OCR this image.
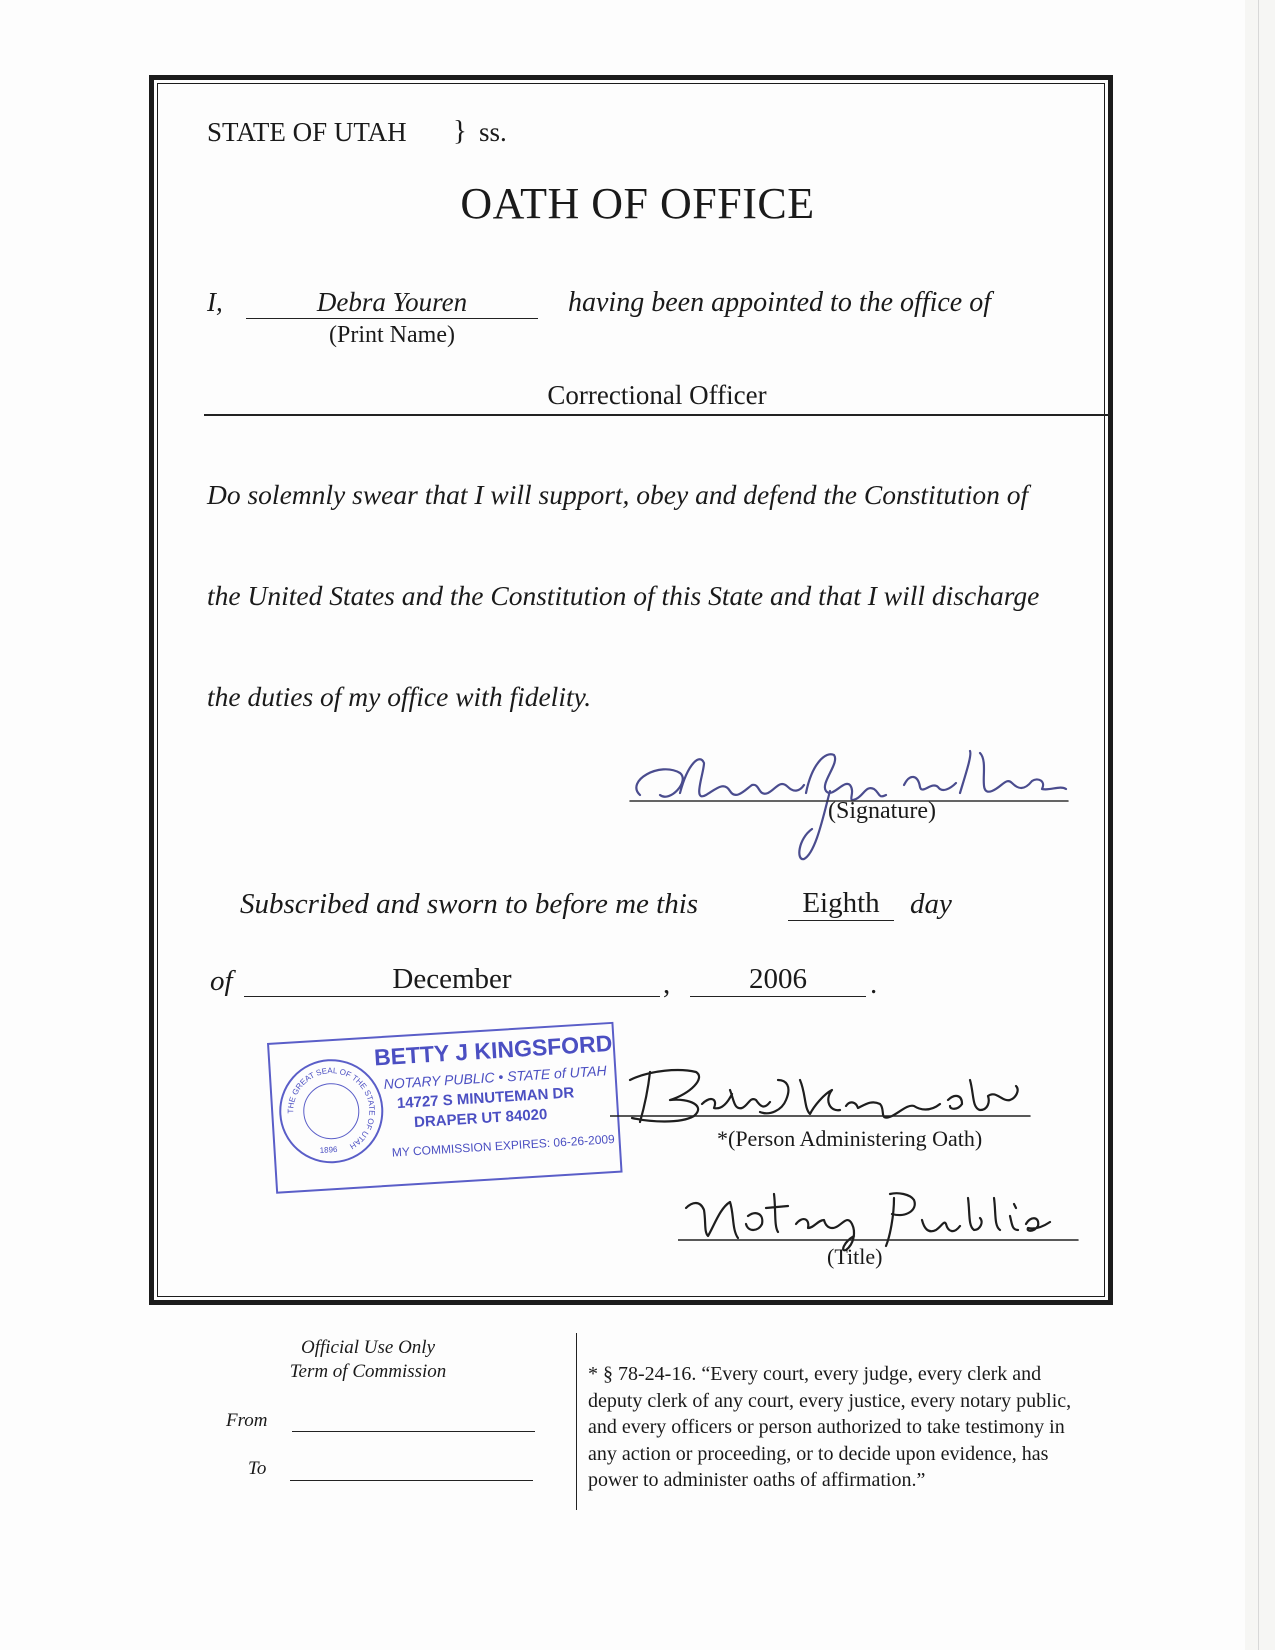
STATE OF UTAH } ss.
OATH OF OFFICE
I,	Debra Youren
(Print Name)
having been appointed to the office of
Correctional Officer
Do solemnly swear that I will support, obey and defend the Constitution of
the United States and the Constitution of this State and that I will discharge
the duties of my office with fidelity.
(Signature)
Subscribed and sworn to before me this	Eighth	day
of	December	,	2006	.
THE GREAT SEAL OF THE STATE OF UTAH
1896
BETTY J KINGSFORD
NOTARY PUBLIC • STATE of UTAH
14727 S MINUTEMAN DR
DRAPER UT 84020
MY COMMISSION EXPIRES: 06-26-2009	*(Person Administering Oath)
(Title)
Official Use Only
Term of Commission
From
To
* § 78-24-16. “Every court, every judge, every clerk and
deputy clerk of any court, every justice, every notary public,
and every officers or person authorized to take testimony in
any action or proceeding, or to decide upon evidence, has
power to administer oaths of affirmation.”
